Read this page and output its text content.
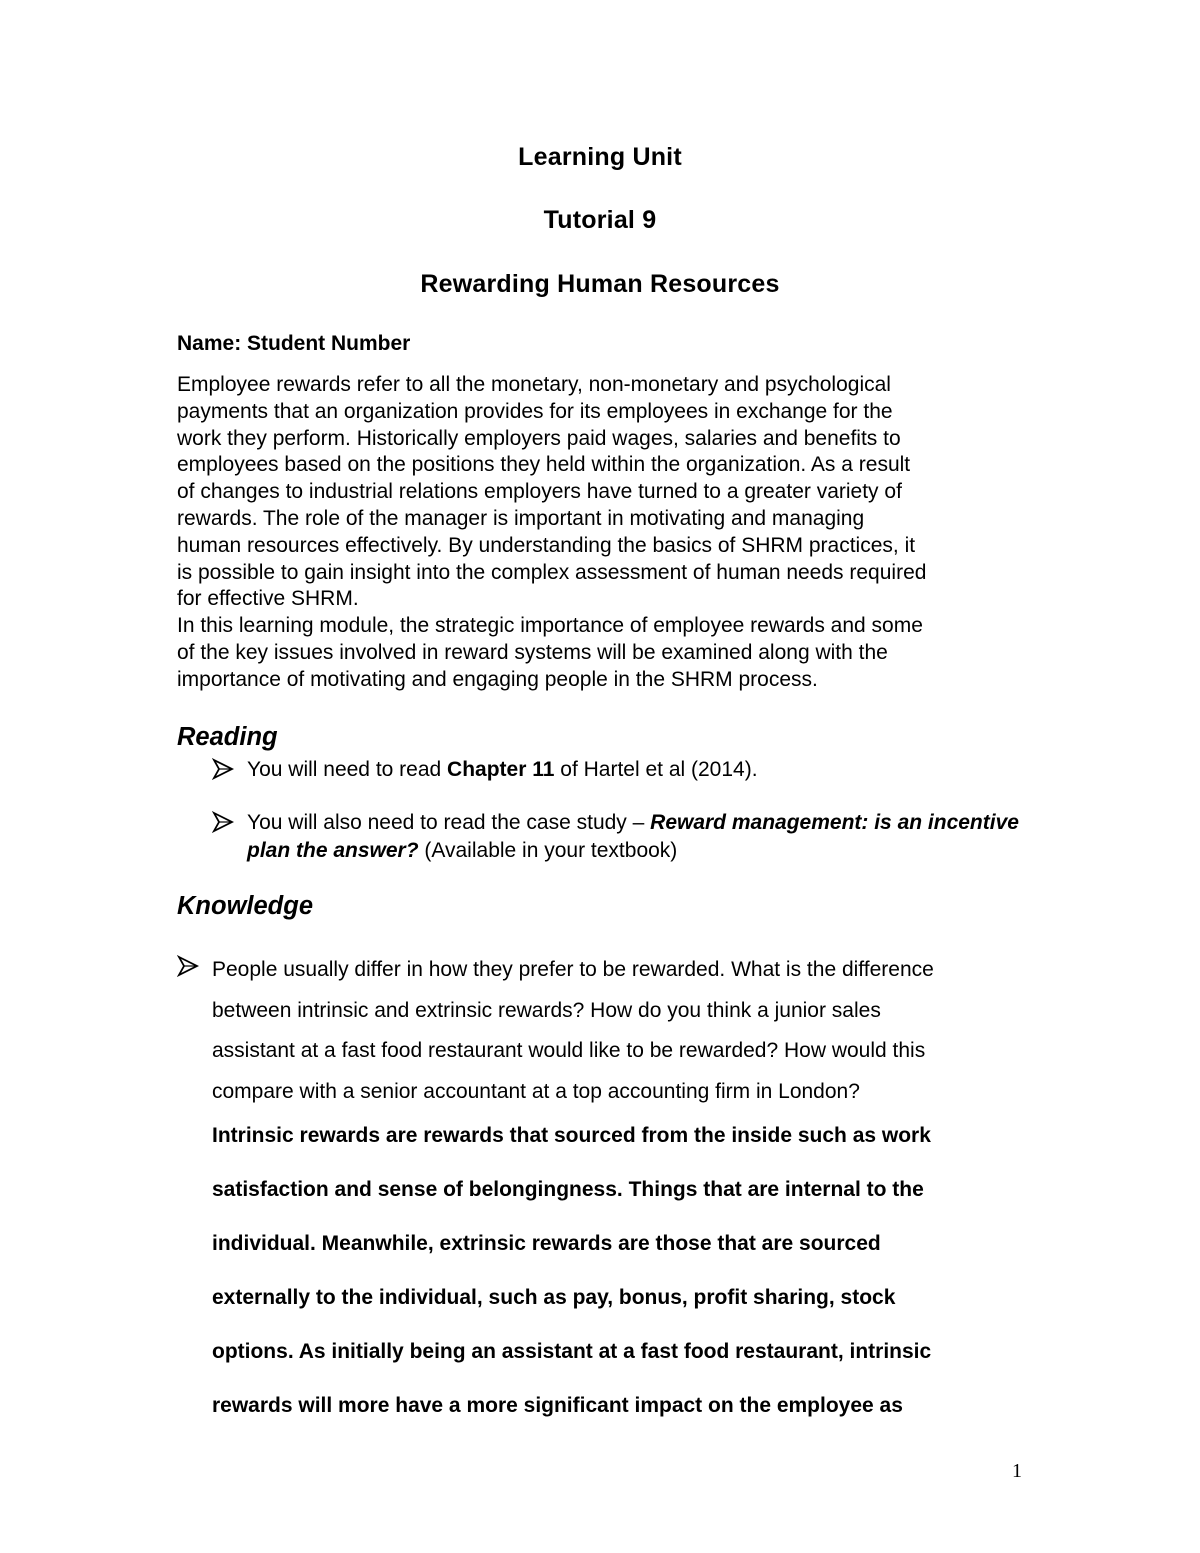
Learning Unit
Tutorial 9
Rewarding Human Resources
Name: Student Number
Employee rewards refer to all the monetary, non-monetary and psychological
payments that an organization provides for its employees in exchange for the
work they perform. Historically employers paid wages, salaries and benefits to
employees based on the positions they held within the organization. As a result
of changes to industrial relations employers have turned to a greater variety of
rewards. The role of the manager is important in motivating and managing
human resources effectively. By understanding the basics of SHRM practices, it
is possible to gain insight into the complex assessment of human needs required
for effective SHRM.
In this learning module, the strategic importance of employee rewards and some
of the key issues involved in reward systems will be examined along with the
importance of motivating and engaging people in the SHRM process.
Reading
You will need to read Chapter 11 of Hartel et al (2014).
You will also need to read the case study – Reward management: is an incentive plan the answer? (Available in your textbook)
Knowledge
People usually differ in how they prefer to be rewarded. What is the difference
between intrinsic and extrinsic rewards? How do you think a junior sales
assistant at a fast food restaurant would like to be rewarded? How would this
compare with a senior accountant at a top accounting firm in London?
Intrinsic rewards are rewards that sourced from the inside such as work
satisfaction and sense of belongingness. Things that are internal to the
individual. Meanwhile, extrinsic rewards are those that are sourced
externally to the individual, such as pay, bonus, profit sharing, stock
options. As initially being an assistant at a fast food restaurant, intrinsic
rewards will more have a more significant impact on the employee as
1
